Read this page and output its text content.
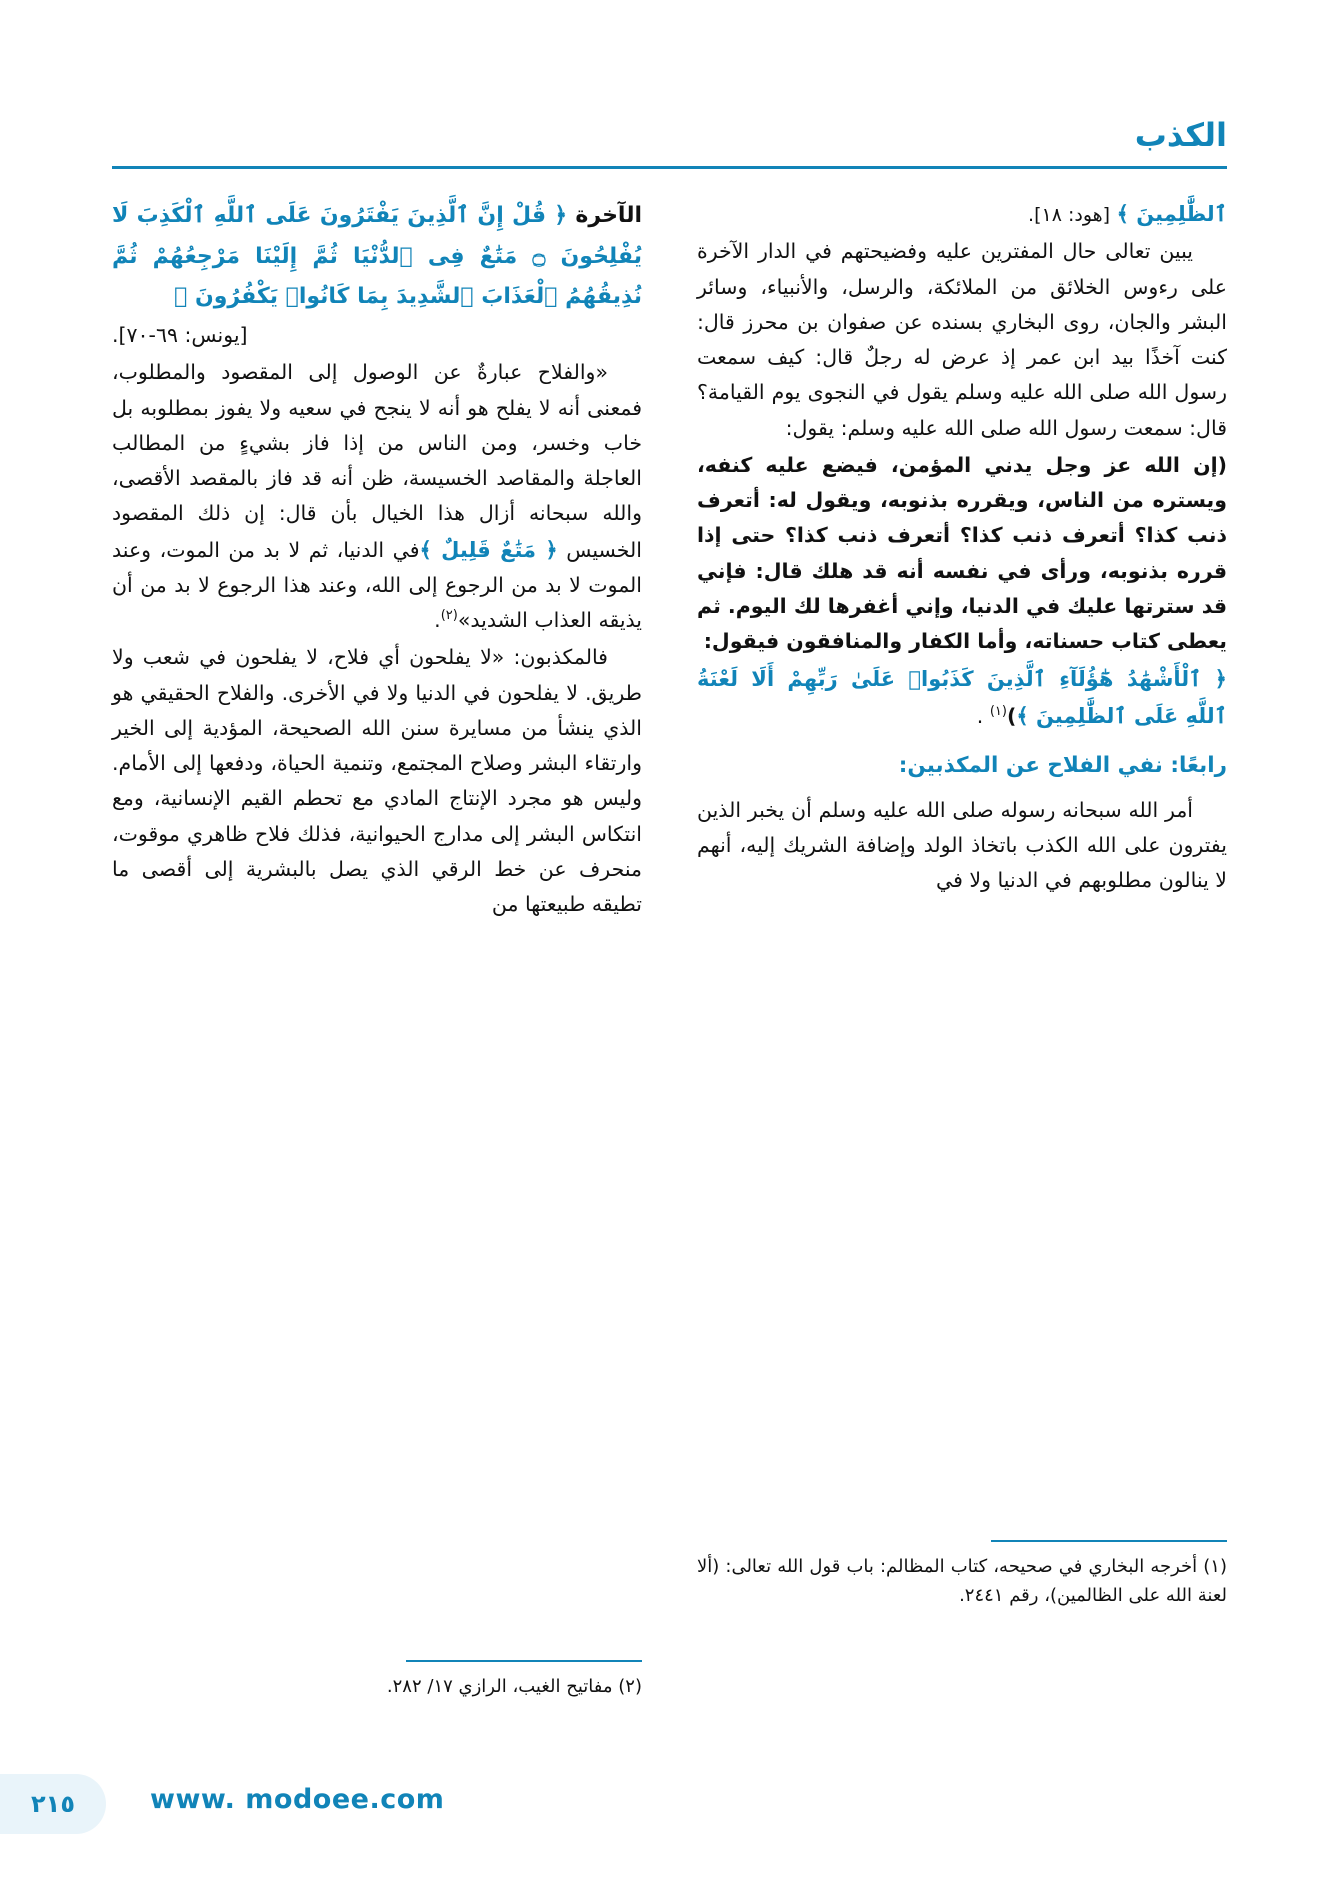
الكذب

ٱلظَّٰلِمِينَ ﴾ [هود: ١٨].

يبين تعالى حال المفترين عليه وفضيحتهم في الدار الآخرة على رءوس الخلائق من الملائكة، والرسل، والأنبياء، وسائر البشر والجان، روى البخاري بسنده عن صفوان بن محرز قال: كنت آخذًا بيد ابن عمر إذ عرض له رجلٌ قال: كيف سمعت رسول الله صلى الله عليه وسلم يقول في النجوى يوم القيامة؟ قال: سمعت رسول الله صلى الله عليه وسلم: يقول:

(إن الله عز وجل يدني المؤمن، فيضع عليه كنفه، ويستره من الناس، ويقرره بذنوبه، ويقول له: أتعرف ذنب كذا؟ أتعرف ذنب كذا؟ أتعرف ذنب كذا؟ حتى إذا قرره بذنوبه، ورأى في نفسه أنه قد هلك قال: فإني قد سترتها عليك في الدنيا، وإني أغفرها لك اليوم. ثم يعطى كتاب حسناته، وأما الكفار والمنافقون فيقول:

﴿ ٱلْأَشْهَٰدُ هَٰٓؤُلَآءِ ٱلَّذِينَ كَذَبُوا۟ عَلَىٰ رَبِّهِمْ أَلَا لَعْنَةُ ٱللَّهِ عَلَى ٱلظَّٰلِمِينَ ﴾)$^{(١)}$ .

رابعًا: نفي الفلاح عن المكذبين:

أمر الله سبحانه رسوله صلى الله عليه وسلم أن يخبر الذين يفترون على الله الكذب باتخاذ الولد وإضافة الشريك إليه، أنهم لا ينالون مطلوبهم في الدنيا ولا في

الآخرة ﴿ قُلْ إِنَّ ٱلَّذِينَ يَفْتَرُونَ عَلَى ٱللَّهِ ٱلْكَذِبَ لَا يُفْلِحُونَ ۝ مَتَٰعٌ فِى ٱلدُّنْيَا ثُمَّ إِلَيْنَا مَرْجِعُهُمْ ثُمَّ نُذِيقُهُمُ ٱلْعَذَابَ ٱلشَّدِيدَ بِمَا كَانُوا۟ يَكْفُرُونَ ﴾

[يونس: ٦٩-٧٠].

«والفلاح عبارةٌ عن الوصول إلى المقصود والمطلوب، فمعنى أنه لا يفلح هو أنه لا ينجح في سعيه ولا يفوز بمطلوبه بل خاب وخسر، ومن الناس من إذا فاز بشيءٍ من المطالب العاجلة والمقاصد الخسيسة، ظن أنه قد فاز بالمقصد الأقصى، والله سبحانه أزال هذا الخيال بأن قال: إن ذلك المقصود الخسيس ﴿ مَتَٰعٌ قَلِيلٌ ﴾في الدنيا، ثم لا بد من الموت، وعند الموت لا بد من الرجوع إلى الله، وعند هذا الرجوع لا بد من أن يذيقه العذاب الشديد»$^{(٢)}$.

فالمكذبون: «لا يفلحون أي فلاح، لا يفلحون في شعب ولا طريق. لا يفلحون في الدنيا ولا في الأخرى. والفلاح الحقيقي هو الذي ينشأ من مسايرة سنن الله الصحيحة، المؤدية إلى الخير وارتقاء البشر وصلاح المجتمع، وتنمية الحياة، ودفعها إلى الأمام. وليس هو مجرد الإنتاج المادي مع تحطم القيم الإنسانية، ومع انتكاس البشر إلى مدارج الحيوانية، فذلك فلاح ظاهري موقوت، منحرف عن خط الرقي الذي يصل بالبشرية إلى أقصى ما تطيقه طبيعتها من

(١) أخرجه البخاري في صحيحه، كتاب المظالم: باب قول الله تعالى: (ألا لعنة الله على الظالمين)، رقم ٢٤٤١.
(٢) مفاتيح الغيب، الرازي ١٧/ ٢٨٢.
٢١٥	www. modoee.com
